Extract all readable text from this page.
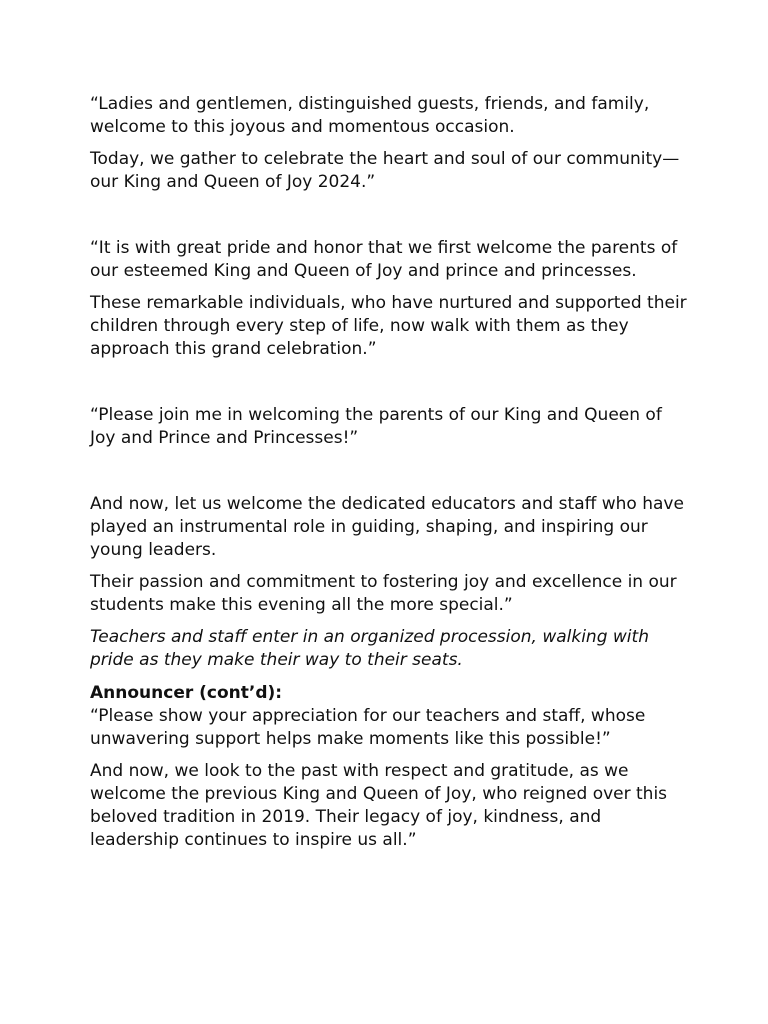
“Ladies and gentlemen, distinguished guests, friends, and family, welcome to this joyous and momentous occasion.

Today, we gather to celebrate the heart and soul of our community—our King and Queen of Joy 2024.”

“It is with great pride and honor that we first welcome the parents of our esteemed King and Queen of Joy and prince and princesses.

These remarkable individuals, who have nurtured and supported their children through every step of life, now walk with them as they approach this grand celebration.”

“Please join me in welcoming the parents of our King and Queen of Joy and Prince and Princesses!”

And now, let us welcome the dedicated educators and staff who have played an instrumental role in guiding, shaping, and inspiring our young leaders.

Their passion and commitment to fostering joy and excellence in our students make this evening all the more special.”

Teachers and staff enter in an organized procession, walking with pride as they make their way to their seats.

Announcer (cont’d):

“Please show your appreciation for our teachers and staff, whose unwavering support helps make moments like this possible!”

And now, we look to the past with respect and gratitude, as we welcome the previous King and Queen of Joy, who reigned over this beloved tradition in 2019. Their legacy of joy, kindness, and leadership continues to inspire us all.”
